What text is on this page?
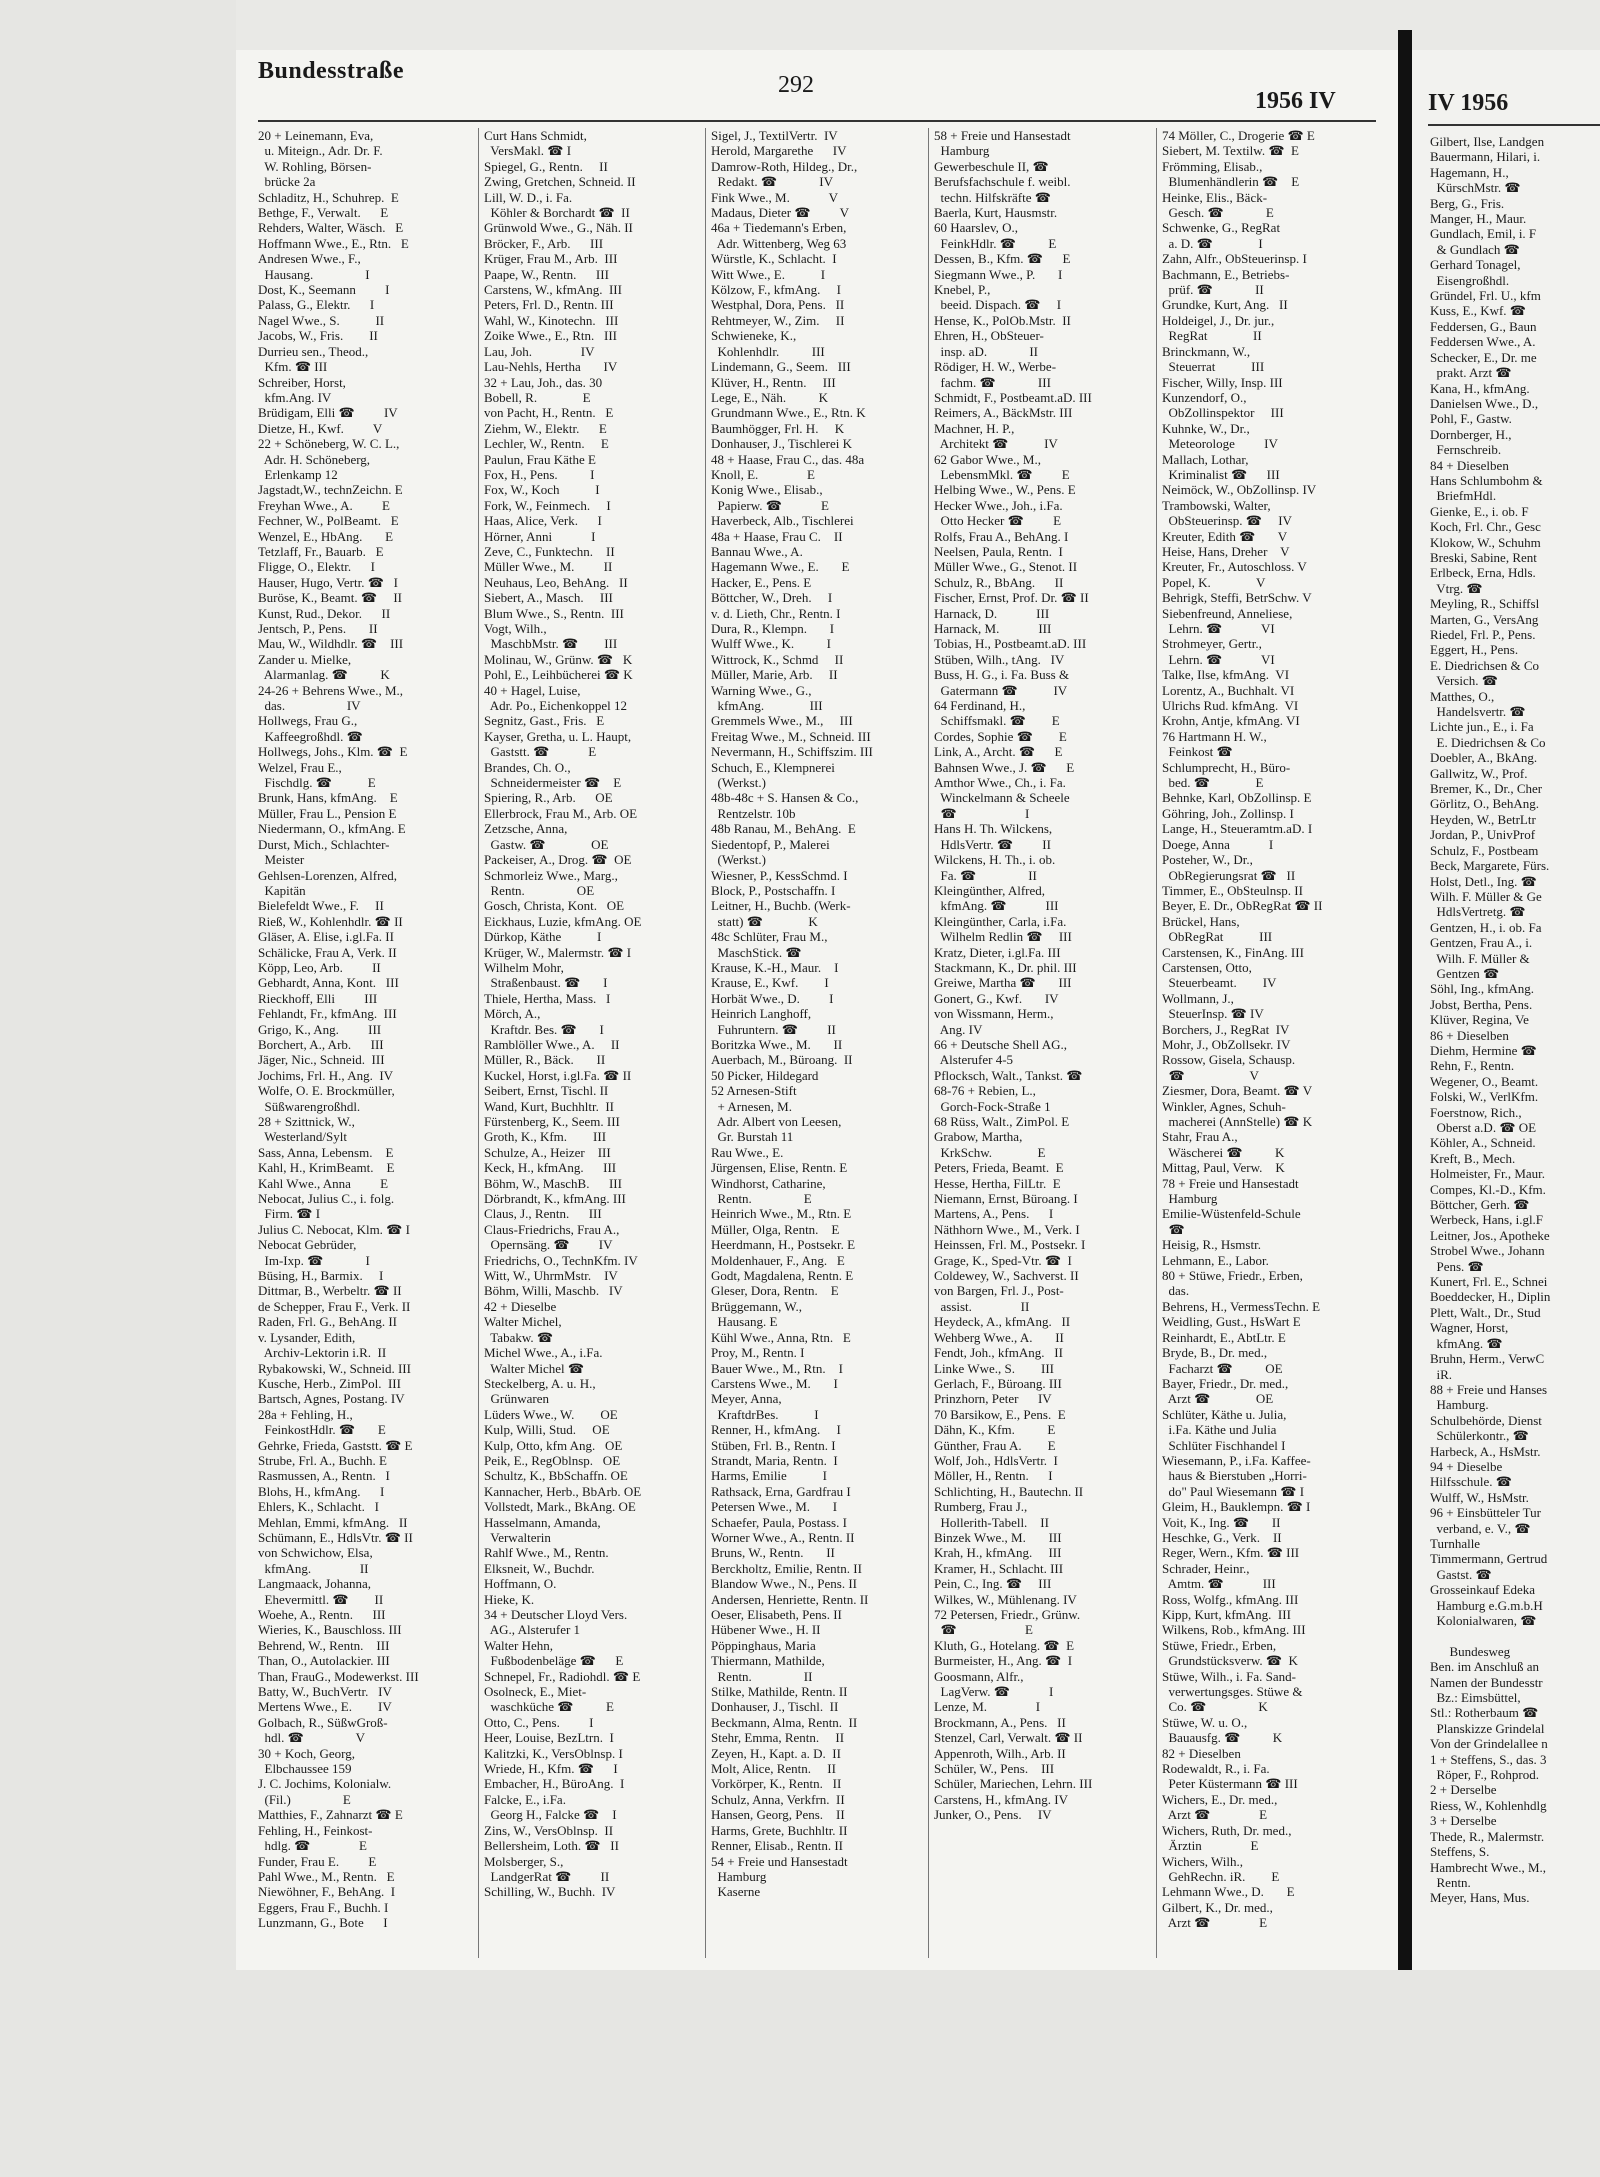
Bundesstraße
292
1956 IV
20 + Leinemann, Eva,
u. Miteign., Adr. Dr. F.
W. Rohling, Börsen-
brücke 2a
Schladitz, H., Schuhrep.  E
Bethge, F., Verwalt.      E
Rehders, Walter, Wäsch.   E
Hoffmann Wwe., E., Rtn.   E
Andresen Wwe., F.,
Hausang.                I
Dost, K., Seemann         I
Palass, G., Elektr.      I
Nagel Wwe., S.           II
Jacobs, W., Fris.        II
Durrieu sen., Theod.,
Kfm. ☎ III
Schreiber, Horst,
kfm.Ang. IV
Brüdigam, Elli ☎         IV
Dietze, H., Kwf.         V
22 + Schöneberg, W. C. L.,
Adr. H. Schöneberg,
Erlenkamp 12
Jagstadt,W., technZeichn. E
Freyhan Wwe., A.         E
Fechner, W., PolBeamt.   E
Wenzel, E., HbAng.       E
Tetzlaff, Fr., Bauarb.   E
Fligge, O., Elektr.      I
Hauser, Hugo, Vertr. ☎   I
Buröse, K., Beamt. ☎     II
Kunst, Rud., Dekor.      II
Jentsch, P., Pens.       II
Mau, W., Wildhdlr. ☎    III
Zander u. Mielke,
Alarmanlag. ☎          K
24-26 + Behrens Wwe., M.,
das.                   IV
Hollwegs, Frau G.,
Kaffeegroßhdl. ☎
Hollwegs, Johs., Klm. ☎  E
Welzel, Frau E.,
Fischdlg. ☎           E
Brunk, Hans, kfmAng.    E
Müller, Frau L., Pension E
Niedermann, O., kfmAng. E
Durst, Mich., Schlachter-
Meister
Gehlsen-Lorenzen, Alfred,
Kapitän
Bielefeldt Wwe., F.     II
Rieß, W., Kohlenhdlr. ☎ II
Gläser, A. Elise, i.gl.Fa. II
Schälicke, Frau A, Verk. II
Köpp, Leo, Arb.         II
Gebhardt, Anna, Kont.   III
Rieckhoff, Elli         III
Fehlandt, Fr., kfmAng.  III
Grigo, K., Ang.         III
Borchert, A., Arb.      III
Jäger, Nic., Schneid.  III
Jochims, Frl. H., Ang.  IV
Wolfe, O. E. Brockmüller,
Süßwarengroßhdl.
28 + Szittnick, W.,
Westerland/Sylt
Sass, Anna, Lebensm.    E
Kahl, H., KrimBeamt.    E
Kahl Wwe., Anna         E
Nebocat, Julius C., i. folg.
Firm. ☎ I
Julius C. Nebocat, Klm. ☎ I
Nebocat Gebrüder,
Im-Ixp. ☎             I
Büsing, H., Barmix.     I
Dittmar, B., Werbeltr. ☎ II
de Schepper, Frau F., Verk. II
Raden, Frl. G., BehAng. II
v. Lysander, Edith,
Archiv-Lektorin i.R.  II
Rybakowski, W., Schneid. III
Kusche, Herb., ZimPol.  III
Bartsch, Agnes, Postang. IV
28a + Fehling, H.,
FeinkostHdlr. ☎       E
Gehrke, Frieda, Gaststt. ☎ E
Strube, Frl. A., Buchh. E
Rasmussen, A., Rentn.   I
Blohs, H., kfmAng.      I
Ehlers, K., Schlacht.   I
Mehlan, Emmi, kfmAng.   II
Schümann, E., HdlsVtr. ☎ II
von Schwichow, Elsa,
kfmAng.               II
Langmaack, Johanna,
Ehevermittl. ☎        II
Woehe, A., Rentn.      III
Wieries, K., Bauschloss. III
Behrend, W., Rentn.    III
Than, O., Autolackier. III
Than, FrauG., Modewerkst. III
Batty, W., BuchVertr.   IV
Mertens Wwe., E.        IV
Golbach, R., SüßwGroß-
hdl. ☎                V
30 + Koch, Georg,
Elbchaussee 159
J. C. Jochims, Kolonialw.
(Fil.)                E
Matthies, F., Zahnarzt ☎ E
Fehling, H., Feinkost-
hdlg. ☎               E
Funder, Frau E.         E
Pahl Wwe., M., Rentn.   E
Niewöhner, F., BehAng.  I
Eggers, Frau F., Buchh. I
Lunzmann, G., Bote      I
Curt Hans Schmidt,
VersMakl. ☎ I
Spiegel, G., Rentn.     II
Zwing, Gretchen, Schneid. II
Lill, W. D., i. Fa.
Köhler & Borchardt ☎  II
Grünwold Wwe., G., Näh. II
Bröcker, F., Arb.      III
Krüger, Frau M., Arb.  III
Paape, W., Rentn.      III
Carstens, W., kfmAng.  III
Peters, Frl. D., Rentn. III
Wahl, W., Kinotechn.   III
Zoike Wwe., E., Rtn.   III
Lau, Joh.               IV
Lau-Nehls, Hertha       IV
32 + Lau, Joh., das. 30
Bobell, R.              E
von Pacht, H., Rentn.   E
Ziehm, W., Elektr.      E
Lechler, W., Rentn.     E
Paulun, Frau Käthe E
Fox, H., Pens.          I
Fox, W., Koch           I
Fork, W., Feinmech.     I
Haas, Alice, Verk.      I
Hörner, Anni            I
Zeve, C., Funktechn.    II
Müller Wwe., M.         II
Neuhaus, Leo, BehAng.   II
Siebert, A., Masch.     III
Blum Wwe., S., Rentn.  III
Vogt, Wilh.,
MaschbMstr. ☎        III
Molinau, W., Grünw. ☎   K
Pohl, E., Leihbücherei ☎ K
40 + Hagel, Luise,
Adr. Po., Eichenkoppel 12
Segnitz, Gast., Fris.   E
Kayser, Gretha, u. L. Haupt,
Gaststt. ☎            E
Brandes, Ch. O.,
Schneidermeister ☎    E
Spiering, R., Arb.      OE
Ellerbrock, Frau M., Arb. OE
Zetzsche, Anna,
Gastw. ☎              OE
Packeiser, A., Drog. ☎  OE
Schmorleiz Wwe., Marg.,
Rentn.                OE
Gosch, Christa, Kont.   OE
Eickhaus, Luzie, kfmAng. OE
Dürkop, Käthe           I
Krüger, W., Malermstr. ☎ I
Wilhelm Mohr,
Straßenbaust. ☎       I
Thiele, Hertha, Mass.   I
Mörch, A.,
Kraftdr. Bes. ☎       I
Ramblöller Wwe., A.     II
Müller, R., Bäck.       II
Kuckel, Horst, i.gl.Fa. ☎ II
Seibert, Ernst, Tischl. II
Wand, Kurt, Buchhltr.  II
Fürstenberg, K., Seem. III
Groth, K., Kfm.        III
Schulze, A., Heizer    III
Keck, H., kfmAng.      III
Böhm, W., MaschB.      III
Dörbrandt, K., kfmAng. III
Claus, J., Rentn.      III
Claus-Friedrichs, Frau A.,
Opernsäng. ☎         IV
Friedrichs, O., TechnKfm. IV
Witt, W., UhrmMstr.    IV
Böhm, Willi, Maschb.   IV
42 + Dieselbe
Walter Michel,
Tabakw. ☎
Michel Wwe., A., i.Fa.
Walter Michel ☎
Steckelberg, A. u. H.,
Grünwaren
Lüders Wwe., W.        OE
Kulp, Willi, Stud.     OE
Kulp, Otto, kfm Ang.   OE
Peik, E., RegOblnsp.   OE
Schultz, K., BbSchaffn. OE
Kannacher, Herb., BbArb. OE
Vollstedt, Mark., BkAng. OE
Hasselmann, Amanda,
Verwalterin
Rahlf Wwe., M., Rentn.
Elksneit, W., Buchdr.
Hoffmann, O.
Hieke, K.
34 + Deutscher Lloyd Vers.
AG., Alsterufer 1
Walter Hehn,
Fußbodenbeläge ☎      E
Schnepel, Fr., Radiohdl. ☎ E
Osolneck, E., Miet-
waschküche ☎          E
Otto, C., Pens.         I
Heer, Louise, BezLtrn.  I
Kalitzki, K., VersOblnsp. I
Wriede, H., Kfm. ☎      I
Embacher, H., BüroAng.  I
Falcke, E., i.Fa.
Georg H., Falcke ☎    I
Zins, W., VersOblnsp.  II
Bellersheim, Loth. ☎   II
Molsberger, S.,
LandgerRat ☎         II
Schilling, W., Buchh.  IV
Sigel, J., TextilVertr.  IV
Herold, Margarethe      IV
Damrow-Roth, Hildeg., Dr.,
Redakt. ☎             IV
Fink Wwe., M.            V
Madaus, Dieter ☎         V
46a + Tiedemann's Erben,
Adr. Wittenberg, Weg 63
Würstle, K., Schlacht.  I
Witt Wwe., E.           I
Kölzow, F., kfmAng.     I
Westphal, Dora, Pens.   II
Rehtmeyer, W., Zim.     II
Schwieneke, K.,
Kohlenhdlr.          III
Lindemann, G., Seem.   III
Klüver, H., Rentn.     III
Lege, E., Näh.          K
Grundmann Wwe., E., Rtn. K
Baumhögger, Frl. H.     K
Donhauser, J., Tischlerei K
48 + Haase, Frau C., das. 48a
Knoll, E.               E
Konig Wwe., Elisab.,
Papierw. ☎            E
Haverbeck, Alb., Tischlerei
48a + Haase, Frau C.    II
Bannau Wwe., A.
Hagemann Wwe., E.       E
Hacker, E., Pens. E
Böttcher, W., Dreh.     I
v. d. Lieth, Chr., Rentn. I
Dura, R., Klempn.       I
Wulff Wwe., K.          I
Wittrock, K., Schmd     II
Müller, Marie, Arb.     II
Warning Wwe., G.,
kfmAng.              III
Gremmels Wwe., M.,     III
Freitag Wwe., M., Schneid. III
Nevermann, H., Schiffszim. III
Schuch, E., Klempnerei
(Werkst.)
48b-48c + S. Hansen & Co.,
Rentzelstr. 10b
48b Ranau, M., BehAng.  E
Siedentopf, P., Malerei
(Werkst.)
Wiesner, P., KessSchmd. I
Block, P., Postschaffn. I
Leitner, H., Buchb. (Werk-
statt) ☎              K
48c Schlüter, Frau M.,
MaschStick. ☎
Krause, K.-H., Maur.    I
Krause, E., Kwf.        I
Horbät Wwe., D.         I
Heinrich Langhoff,
Fuhruntern. ☎         II
Boritzka Wwe., M.       II
Auerbach, M., Büroang.  II
50 Picker, Hildegard
52 Arnesen-Stift
+ Arnesen, M.
Adr. Albert von Leesen,
Gr. Burstah 11
Rau Wwe., E.
Jürgensen, Elise, Rentn. E
Windhorst, Catharine,
Rentn.                E
Heinrich Wwe., M., Rtn. E
Müller, Olga, Rentn.    E
Heerdmann, H., Postsekr. E
Moldenhauer, F., Ang.   E
Godt, Magdalena, Rentn. E
Gleser, Dora, Rentn.    E
Brüggemann, W.,
Hausang. E
Kühl Wwe., Anna, Rtn.   E
Proy, M., Rentn. I
Bauer Wwe., M., Rtn.    I
Carstens Wwe., M.       I
Meyer, Anna,
KraftdrBes.           I
Renner, H., kfmAng.     I
Stüben, Frl. B., Rentn. I
Strandt, Maria, Rentn.  I
Harms, Emilie           I
Rathsack, Erna, Gardfrau I
Petersen Wwe., M.       I
Schaefer, Paula, Postass. I
Worner Wwe., A., Rentn. II
Bruns, W., Rentn.       II
Berckholtz, Emilie, Rentn. II
Blandow Wwe., N., Pens. II
Andersen, Henriette, Rentn. II
Oeser, Elisabeth, Pens. II
Hübener Wwe., H. II
Pöppinghaus, Maria
Thiermann, Mathilde,
Rentn.                II
Stilke, Mathilde, Rentn. II
Donhauser, J., Tischl.  II
Beckmann, Alma, Rentn.  II
Stehr, Emma, Rentn.     II
Zeyen, H., Kapt. a. D.  II
Molt, Alice, Rentn.     II
Vorkörper, K., Rentn.   II
Schulz, Anna, Verkfrn.  II
Hansen, Georg, Pens.    II
Harms, Grete, Buchhltr. II
Renner, Elisab., Rentn. II
54 + Freie und Hansestadt
Hamburg
Kaserne
58 + Freie und Hansestadt
Hamburg
Gewerbeschule II, ☎
Berufsfachschule f. weibl.
techn. Hilfskräfte ☎
Baerla, Kurt, Hausmstr.
60 Haarslev, O.,
FeinkHdlr. ☎          E
Dessen, B., Kfm. ☎      E
Siegmann Wwe., P.       I
Knebel, P.,
beeid. Dispach. ☎     I
Hense, K., PolOb.Mstr.  II
Ehren, H., ObSteuer-
insp. aD.             II
Rödiger, H. W., Werbe-
fachm. ☎             III
Schmidt, F., Postbeamt.aD. III
Reimers, A., BäckMstr. III
Machner, H. P.,
Architekt ☎           IV
62 Gabor Wwe., M.,
LebensmMkl. ☎         E
Helbing Wwe., W., Pens. E
Hecker Wwe., Joh., i.Fa.
Otto Hecker ☎         E
Rolfs, Frau A., BehAng. I
Neelsen, Paula, Rentn.  I
Müller Wwe., G., Stenot. II
Schulz, R., BbAng.      II
Fischer, Ernst, Prof. Dr. ☎ II
Harnack, D.            III
Harnack, M.            III
Tobias, H., Postbeamt.aD. III
Stüben, Wilh., tAng.   IV
Buss, H. G., i. Fa. Buss &
Gatermann ☎           IV
64 Ferdinand, H.,
Schiffsmakl. ☎        E
Cordes, Sophie ☎        E
Link, A., Archt. ☎      E
Bahnsen Wwe., J. ☎      E
Amthor Wwe., Ch., i. Fa.
Winckelmann & Scheele
☎                     I
Hans H. Th. Wilckens,
HdlsVertr. ☎         II
Wilckens, H. Th., i. ob.
Fa. ☎                II
Kleingünther, Alfred,
kfmAng. ☎            III
Kleingünther, Carla, i.Fa.
Wilhelm Redlin ☎     III
Kratz, Dieter, i.gl.Fa. III
Stackmann, K., Dr. phil. III
Greiwe, Martha ☎       III
Gonert, G., Kwf.       IV
von Wissmann, Herm.,
Ang. IV
66 + Deutsche Shell AG.,
Alsterufer 4-5
Pflocksch, Walt., Tankst. ☎
68-76 + Rebien, L.,
Gorch-Fock-Straße 1
68 Rüss, Walt., ZimPol. E
Grabow, Martha,
KrkSchw.              E
Peters, Frieda, Beamt.  E
Hesse, Hertha, FilLtr.  E
Niemann, Ernst, Büroang. I
Martens, A., Pens.      I
Näthhorn Wwe., M., Verk. I
Heinssen, Frl. M., Postsekr. I
Grage, K., Sped-Vtr. ☎  I
Coldewey, W., Sachverst. II
von Bargen, Frl. J., Post-
assist.               II
Heydeck, A., kfmAng.   II
Wehberg Wwe., A.       II
Fendt, Joh., kfmAng.   II
Linke Wwe., S.        III
Gerlach, F., Büroang. III
Prinzhorn, Peter      IV
70 Barsikow, E., Pens.  E
Dähn, K., Kfm.          E
Günther, Frau A.        E
Wolf, Joh., HdlsVertr.  I
Möller, H., Rentn.      I
Schlichting, H., Bautechn. II
Rumberg, Frau J.,
Hollerith-Tabell.    II
Binzek Wwe., M.       III
Krah, H., kfmAng.     III
Kramer, H., Schlacht. III
Pein, C., Ing. ☎     III
Wilkes, W., Mühlenang. IV
72 Petersen, Friedr., Grünw.
☎                     E
Kluth, G., Hotelang. ☎  E
Burmeister, H., Ang. ☎  I
Goosmann, Alfr.,
LagVerw. ☎            I
Lenze, M.               I
Brockmann, A., Pens.   II
Stenzel, Carl, Verwalt. ☎ II
Appenroth, Wilh., Arb. II
Schüler, W., Pens.    III
Schüler, Mariechen, Lehrn. III
Carstens, H., kfmAng. IV
Junker, O., Pens.     IV
74 Möller, C., Drogerie ☎ E
Siebert, M. Textilw. ☎  E
Frömming, Elisab.,
Blumenhändlerin ☎    E
Heinke, Elis., Bäck-
Gesch. ☎             E
Schwenke, G., RegRat
a. D. ☎              I
Zahn, Alfr., ObSteuerinsp. I
Bachmann, E., Betriebs-
prüf. ☎             II
Grundke, Kurt, Ang.   II
Holdeigel, J., Dr. jur.,
RegRat              II
Brinckmann, W.,
Steuerrat           III
Fischer, Willy, Insp. III
Kunzendorf, O.,
ObZollinspektor     III
Kuhnke, W., Dr.,
Meteorologe         IV
Mallach, Lothar,
Kriminalist ☎      III
Neimöck, W., ObZollinsp. IV
Trambowski, Walter,
ObSteuerinsp. ☎     IV
Kreuter, Edith ☎       V
Heise, Hans, Dreher    V
Kreuter, Fr., Autoschloss. V
Popel, K.              V
Behrigk, Steffi, BetrSchw. V
Siebenfreund, Anneliese,
Lehrn. ☎            VI
Strohmeyer, Gertr.,
Lehrn. ☎            VI
Talke, Ilse, kfmAng.  VI
Lorentz, A., Buchhalt. VI
Ulrichs Rud. kfmAng.  VI
Krohn, Antje, kfmAng. VI
76 Hartmann H. W.,
Feinkost ☎
Schlumprecht, H., Büro-
bed. ☎              E
Behnke, Karl, ObZollinsp. E
Göhring, Joh., Zollinsp. I
Lange, H., Steueramtm.aD. I
Doege, Anna            I
Posteher, W., Dr.,
ObRegierungsrat ☎   II
Timmer, E., ObSteulnsp. II
Beyer, E. Dr., ObRegRat ☎ II
Brückel, Hans,
ObRegRat           III
Carstensen, K., FinAng. III
Carstensen, Otto,
Steuerbeamt.        IV
Wollmann, J.,
SteuerInsp. ☎ IV
Borchers, J., RegRat  IV
Mohr, J., ObZollsekr. IV
Rossow, Gisela, Schausp.
☎                    V
Ziesmer, Dora, Beamt. ☎ V
Winkler, Agnes, Schuh-
macherei (AnnStelle) ☎ K
Stahr, Frau A.,
Wäscherei ☎          K
Mittag, Paul, Verw.    K
78 + Freie und Hansestadt
Hamburg
Emilie-Wüstenfeld-Schule
☎
Heisig, R., Hsmstr.
Lehmann, E., Labor.
80 + Stüwe, Friedr., Erben,
das.
Behrens, H., VermessTechn. E
Weidling, Gust., HsWart E
Reinhardt, E., AbtLtr. E
Bryde, B., Dr. med.,
Facharzt ☎          OE
Bayer, Friedr., Dr. med.,
Arzt ☎              OE
Schlüter, Käthe u. Julia,
i.Fa. Käthe und Julia
Schlüter Fischhandel I
Wiesemann, P., i.Fa. Kaffee-
haus & Bierstuben „Horri-
do" Paul Wiesemann ☎ I
Gleim, H., Bauklempn. ☎ I
Voit, K., Ing. ☎       II
Heschke, G., Verk.    II
Reger, Wern., Kfm. ☎ III
Schrader, Heinr.,
Amtm. ☎            III
Ross, Wolfg., kfmAng. III
Kipp, Kurt, kfmAng.  III
Wilkens, Rob., kfmAng. III
Stüwe, Friedr., Erben,
Grundstücksverw. ☎  K
Stüwe, Wilh., i. Fa. Sand-
verwertungsges. Stüwe &
Co. ☎                K
Stüwe, W. u. O.,
Bauausfg. ☎          K
82 + Dieselben
Rodewaldt, R., i. Fa.
Peter Küstermann ☎ III
Wichers, E., Dr. med.,
Arzt ☎               E
Wichers, Ruth, Dr. med.,
Ärztin               E
Wichers, Wilh.,
GehRechn. iR.        E
Lehmann Wwe., D.       E
Gilbert, K., Dr. med.,
Arzt ☎               E
IV 1956
Gilbert, Ilse, Landgen
Bauermann, Hilari, i.
Hagemann, H.,
KürschMstr. ☎
Berg, G., Fris.
Manger, H., Maur.
Gundlach, Emil, i. F
& Gundlach ☎
Gerhard Tonagel,
Eisengroßhdl.
Gründel, Frl. U., kfm
Kuss, E., Kwf. ☎
Feddersen, G., Baun
Feddersen Wwe., A.
Schecker, E., Dr. me
prakt. Arzt ☎
Kana, H., kfmAng.
Danielsen Wwe., D.,
Pohl, F., Gastw.
Dornberger, H.,
Fernschreib.
84 + Dieselben
Hans Schlumbohm &
BriefmHdl.
Gienke, E., i. ob. F
Koch, Frl. Chr., Gesc
Klokow, W., Schuhm
Breski, Sabine, Rent
Erlbeck, Erna, Hdls.
Vtrg. ☎
Meyling, R., Schiffsl
Marten, G., VersAng
Riedel, Frl. P., Pens.
Eggert, H., Pens.
E. Diedrichsen & Co
Versich. ☎
Matthes, O.,
Handelsvertr. ☎
Lichte jun., E., i. Fa
E. Diedrichsen & Co
Doebler, A., BkAng.
Gallwitz, W., Prof.
Bremer, K., Dr., Cher
Görlitz, O., BehAng.
Heyden, W., BetrLtr
Jordan, P., UnivProf
Schulz, F., Postbeam
Beck, Margarete, Fürs.
Holst, Detl., Ing. ☎
Wilh. F. Müller & Ge
HdlsVertretg. ☎
Gentzen, H., i. ob. Fa
Gentzen, Frau A., i.
Wilh. F. Müller &
Gentzen ☎
Söhl, Ing., kfmAng.
Jobst, Bertha, Pens.
Klüver, Regina, Ve
86 + Dieselben
Diehm, Hermine ☎
Rehn, F., Rentn.
Wegener, O., Beamt.
Folski, W., VerlKfm.
Foerstnow, Rich.,
Oberst a.D. ☎ OE
Köhler, A., Schneid.
Kreft, B., Mech.
Holmeister, Fr., Maur.
Compes, Kl.-D., Kfm.
Böttcher, Gerh. ☎
Werbeck, Hans, i.gl.F
Leitner, Jos., Apotheke
Strobel Wwe., Johann
Pens. ☎
Kunert, Frl. E., Schnei
Boeddecker, H., Diplin
Plett, Walt., Dr., Stud
Wagner, Horst,
kfmAng. ☎
Bruhn, Herm., VerwC
iR.
88 + Freie und Hanses
Hamburg.
Schulbehörde, Dienst
Schülerkontr., ☎
Harbeck, A., HsMstr.
94 + Dieselbe
Hilfsschule. ☎
Wulff, W., HsMstr.
96 + Einsbütteler Tur
verband, e. V., ☎
Turnhalle
Timmermann, Gertrud
Gastst. ☎
Grosseinkauf Edeka
Hamburg e.G.m.b.H
Kolonialwaren, ☎

Bundesweg
Ben. im Anschluß an
Namen der Bundesstr
Bz.: Eimsbüttel,
Stl.: Rotherbaum ☎
Planskizze Grindelal
Von der Grindelallee n
1 + Steffens, S., das. 3
Röper, F., Rohprod.
2 + Derselbe
Riess, W., Kohlenhdlg
3 + Derselbe
Thede, R., Malermstr.
Steffens, S.
Hambrecht Wwe., M.,
Rentn.
Meyer, Hans, Mus.
